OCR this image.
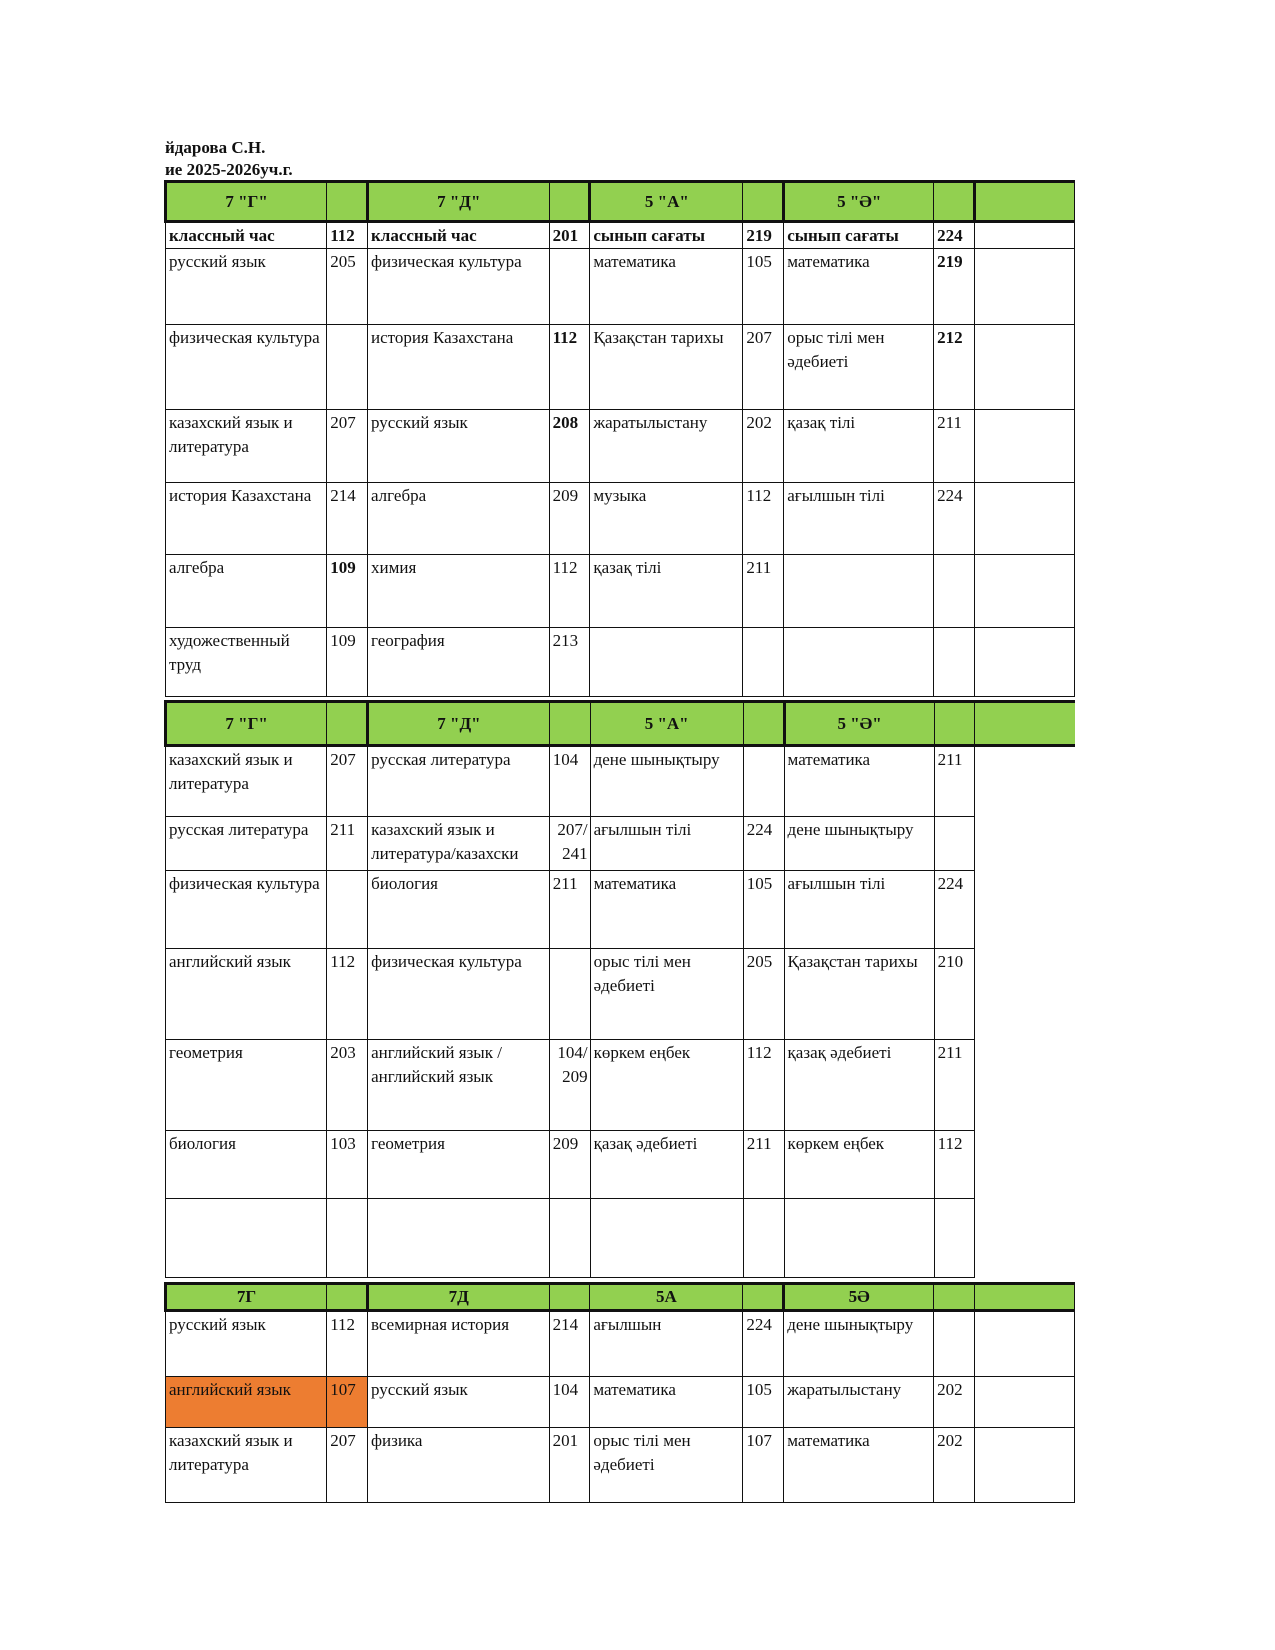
йдарова С.Н.
ие 2025-2026уч.г.
7 "Г"		7 "Д"		5 "А"		5 "Ә"		
классный час	112	классный час	201	сынып сағаты	219	сынып сағаты	224	
русский язык	205	физическая культура		математика	105	математика	219	
физическая культура		история Казахстана	112	Қазақстан тарихы	207	орыс тілі мен әдебиеті	212	
казахский язык и литература	207	русский язык	208	жаратылыстану	202	қазақ тілі	211	
история Казахстана	214	алгебра	209	музыка	112	ағылшын тілі	224	
алгебра	109	химия	112	қазақ тілі	211			
художественный труд	109	география	213					
7 "Г"		7 "Д"		5 "А"		5 "Ә"		
казахский язык и литература	207	русская литература	104	дене шынықтыру		математика	211	
русская литература	211	казахский язык и литература/казахски	207/ 241	ағылшын тілі	224	дене шынықтыру		
физическая культура		биология	211	математика	105	ағылшын тілі	224	
английский язык	112	физическая культура		орыс тілі мен әдебиеті	205	Қазақстан тарихы	210	
геометрия	203	английский язык / английский язык	104/ 209	көркем еңбек	112	қазақ әдебиеті	211	
биология	103	геометрия	209	қазақ әдебиеті	211	көркем еңбек	112	

7Г		7Д		5А		5Ә		
русский язык	112	всемирная история	214	ағылшын	224	дене шынықтыру		
английский язык	107	русский язык	104	математика	105	жаратылыстану	202	
казахский язык и литература	207	физика	201	орыс тілі мен әдебиеті	107	математика	202	
